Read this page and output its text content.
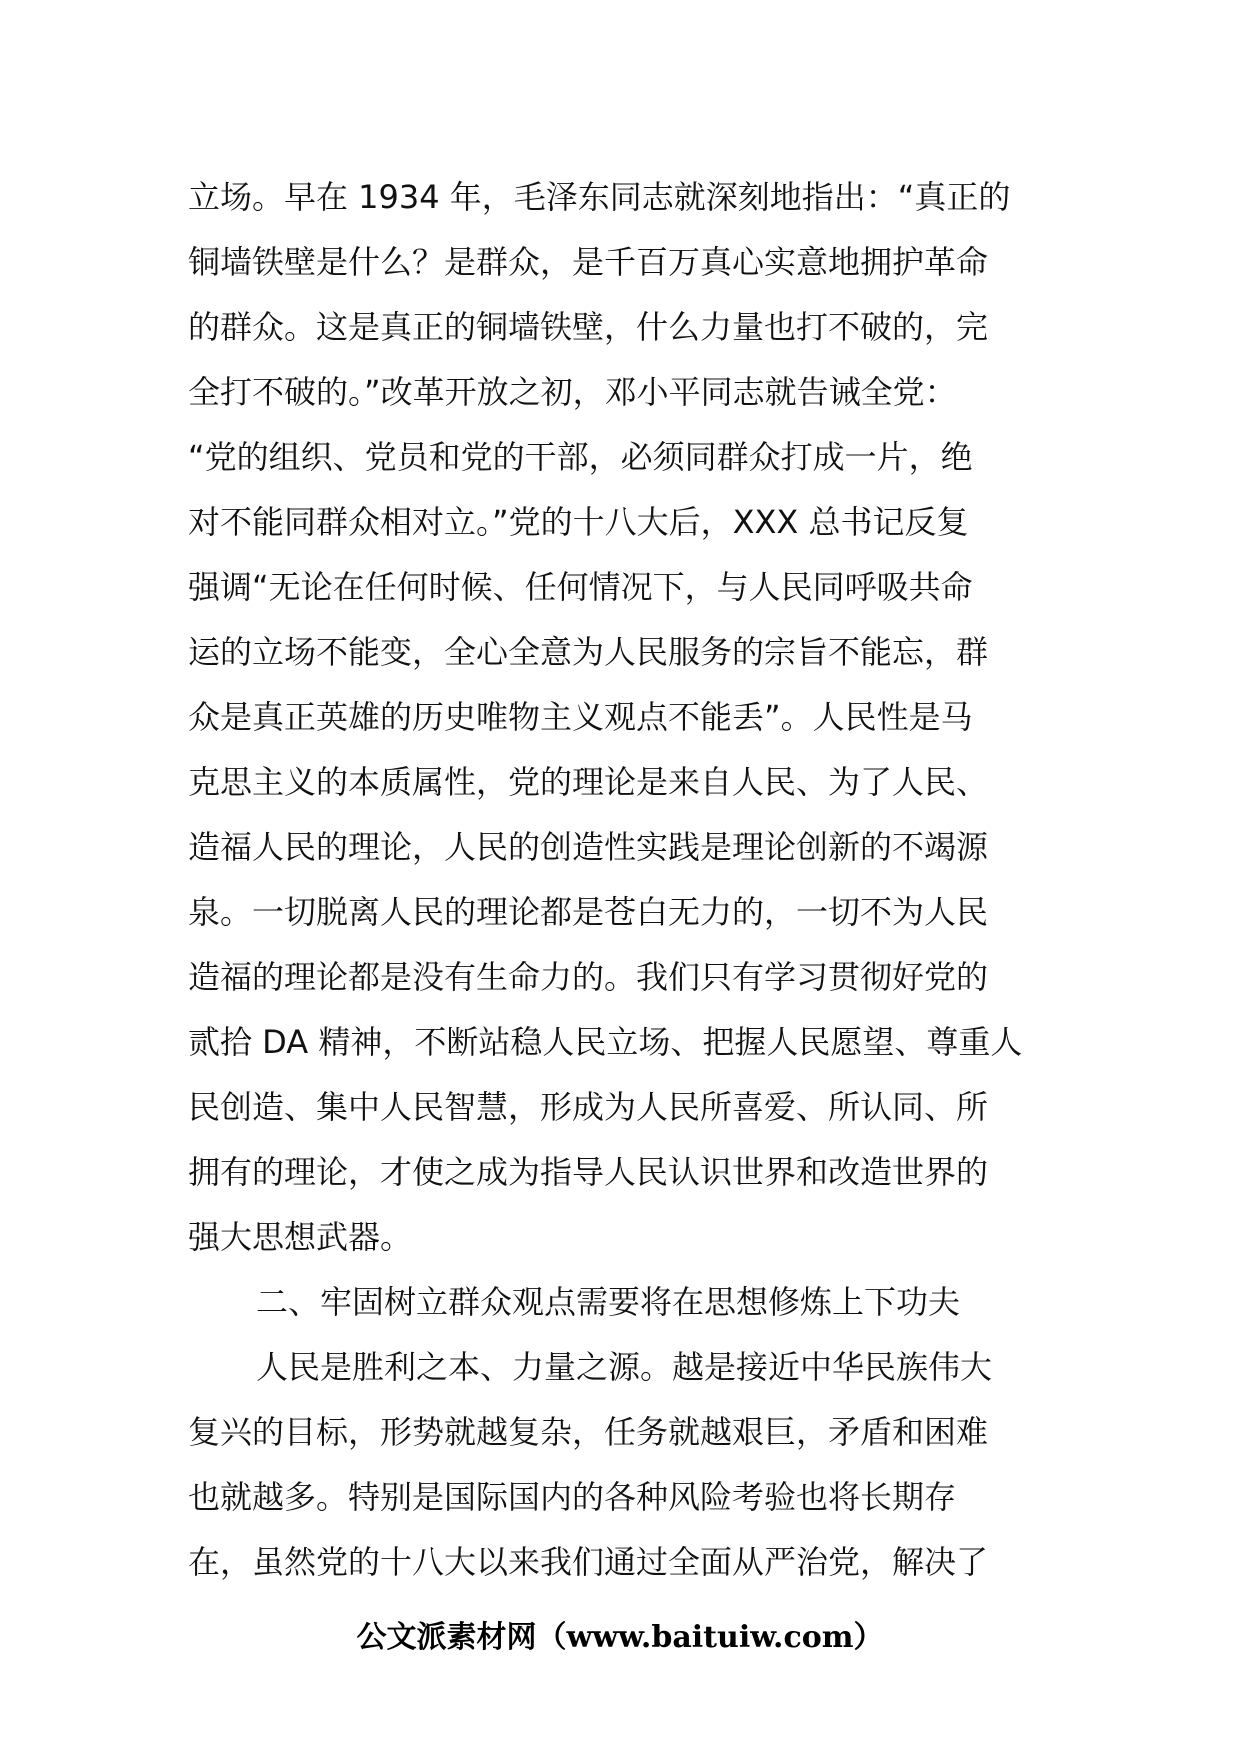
立场。早在 1934 年，毛泽东同志就深刻地指出：“真正的
铜墙铁壁是什么？是群众，是千百万真心实意地拥护革命
的群众。这是真正的铜墙铁壁，什么力量也打不破的，完
全打不破的。”改革开放之初，邓小平同志就告诫全党：
“党的组织、党员和党的干部，必须同群众打成一片，绝
对不能同群众相对立。”党的十八大后，XXX 总书记反复
强调“无论在任何时候、任何情况下，与人民同呼吸共命
运的立场不能变，全心全意为人民服务的宗旨不能忘，群
众是真正英雄的历史唯物主义观点不能丢”。人民性是马
克思主义的本质属性，党的理论是来自人民、为了人民、
造福人民的理论，人民的创造性实践是理论创新的不竭源
泉。一切脱离人民的理论都是苍白无力的，一切不为人民
造福的理论都是没有生命力的。我们只有学习贯彻好党的
贰拾 DA 精神，不断站稳人民立场、把握人民愿望、尊重人
民创造、集中人民智慧，形成为人民所喜爱、所认同、所
拥有的理论，才使之成为指导人民认识世界和改造世界的
强大思想武器。
二、牢固树立群众观点需要将在思想修炼上下功夫
人民是胜利之本、力量之源。越是接近中华民族伟大
复兴的目标，形势就越复杂，任务就越艰巨，矛盾和困难
也就越多。特别是国际国内的各种风险考验也将长期存
在，虽然党的十八大以来我们通过全面从严治党，解决了
公文派素材网（www.baituiw.com）
